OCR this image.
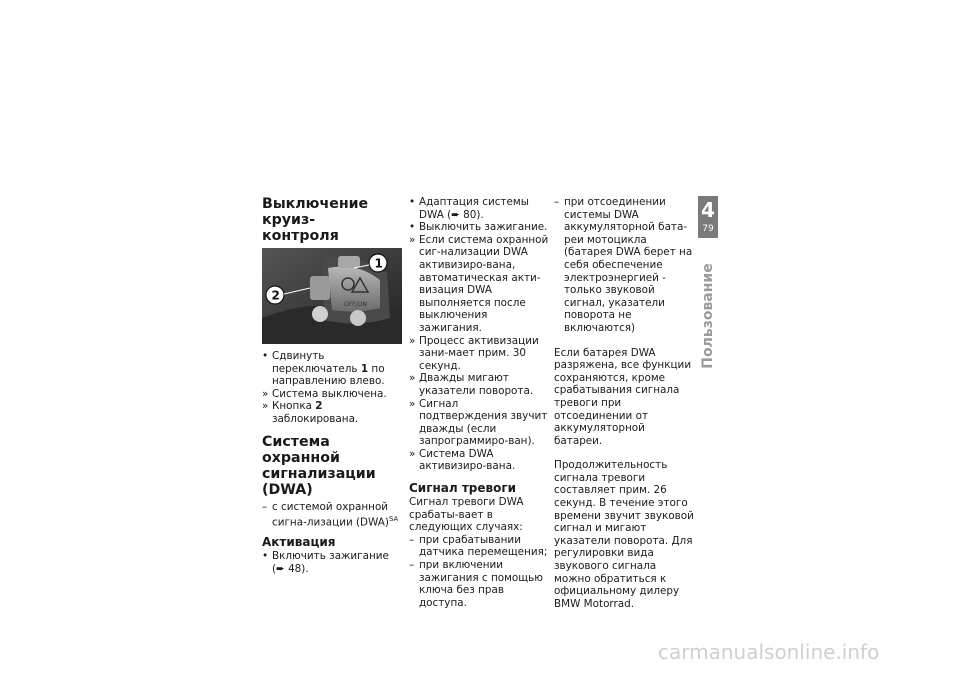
Выключение круиз-
контроля
OFF/ON
1
2
• Сдвинуть переключатель 1 по направлению влево.
» Система выключена.
» Кнопка 2 заблокирована.
Система охранной
сигнализации (DWA)
– с системой охранной сигна-лизации (DWA)$^{SA}$
Активация
• Включить зажигание (➨ 48).
• Адаптация системы DWA (➨ 80).
• Выключить зажигание.
» Если система охранной сиг-нализации DWA активизиро-вана, автоматическая акти-визация DWA выполняется после выключения зажигания.
» Процесс активизации зани-мает прим. 30 секунд.
» Дважды мигают указатели поворота.
» Сигнал подтверждения звучит дважды (если запрограммиро-ван).
» Система DWA активизиро-вана.
Сигнал тревоги
Сигнал тревоги DWA срабаты-вает в следующих случаях:
– при срабатывании датчика перемещения;
– при включении зажигания с помощью ключа без прав доступа.
– при отсоединении системы DWA аккумуляторной бата-реи мотоцикла (батарея DWA берет на себя обеспечение электроэнергией - только звуковой сигнал, указатели поворота не включаются)

Если батарея DWA разряжена, все функции сохраняются, кроме срабатывания сигнала тревоги при отсоединении от аккумуляторной батареи.

Продолжительность сигнала тревоги составляет прим. 26 секунд. В течение этого времени звучит звуковой сигнал и мигают указатели поворота. Для регулировки вида звукового сигнала можно обратиться к официальному дилеру BMW Motorrad.

4
79
Пользование
carmanualsonline.info
